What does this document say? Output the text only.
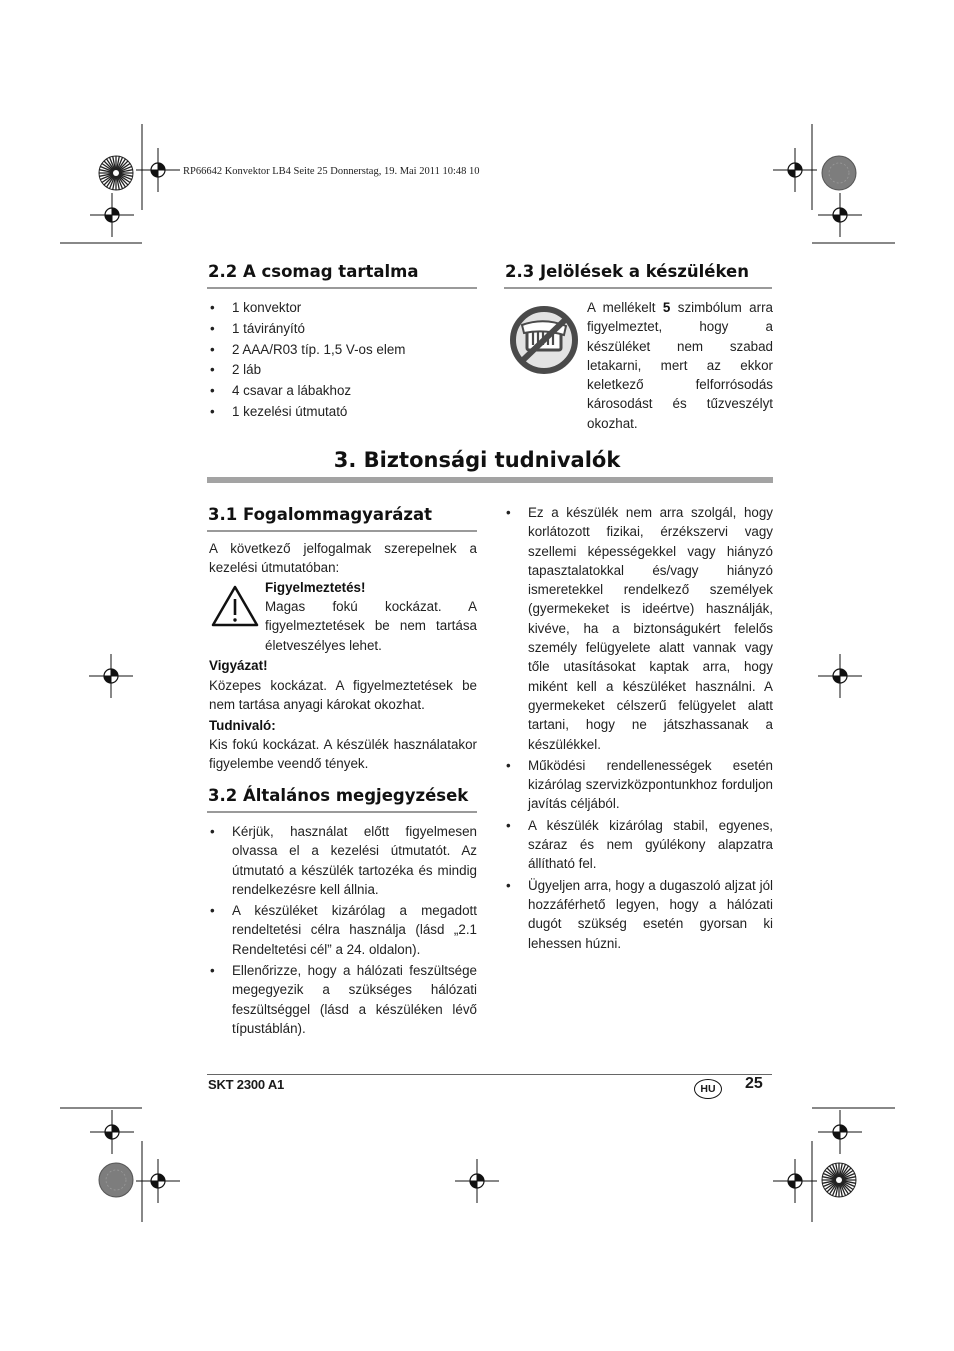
RP66642 Konvektor LB4 Seite 25 Donnerstag, 19. Mai 2011 10:48 10
2.2 A csomag tartalma
• 1 konvektor
• 1 távirányító
• 2 AAA/R03 típ. 1,5 V-os elem
• 2 láb
• 4 csavar a lábakhoz
• 1 kezelési útmutató
2.3 Jelölések a készüléken
A mellékelt 5 szimbólum arra figyelmeztet, hogy a készüléket nem szabad letakarni, mert az ekkor keletkező felforrósodás károsodást és tűzveszélyt okozhat.
3. Biztonsági tudnivalók
3.1 Fogalommagyarázat
A következő jelfogalmak szerepelnek a kezelési útmutatóban:
Figyelmeztetés!
Magas fokú kockázat. A figyelmeztetések be nem tartása életveszélyes lehet.
Vigyázat!
Közepes kockázat. A figyelmeztetések be nem tartása anyagi károkat okozhat.
Tudnivaló:
Kis fokú kockázat. A készülék használatakor figyelembe veendő tények.
3.2 Általános megjegyzések
• Kérjük, használat előtt figyelmesen olvassa el a kezelési útmutatót. Az útmutató a készülék tartozéka és mindig rendelkezésre kell állnia.
• A készüléket kizárólag a megadott rendeltetési célra használja (lásd „2.1 Rendeltetési cél” a 24. oldalon).
• Ellenőrizze, hogy a hálózati feszültsége megegyezik a szükséges hálózati feszültséggel (lásd a készüléken lévő típustáblán).
• Ez a készülék nem arra szolgál, hogy korlátozott fizikai, érzékszervi vagy szellemi képességekkel vagy hiányzó tapasztalatokkal és/vagy hiányzó ismeretekkel rendelkező személyek (gyermekeket is ideértve) használják, kivéve, ha a biztonságukért felelős személy felügyelete alatt vannak vagy tőle utasításokat kaptak arra, hogy miként kell a készüléket használni. A gyermekeket célszerű felügyelet alatt tartani, hogy ne játszhassanak a készülékkel.
• Működési rendellenességek esetén kizárólag szervizközpontunkhoz forduljon javítás céljából.
• A készülék kizárólag stabil, egyenes, száraz és nem gyúlékony alapzatra állítható fel.
• Ügyeljen arra, hogy a dugaszoló aljzat jól hozzáférhető legyen, hogy a hálózati dugót szükség esetén gyorsan ki lehessen húzni.
SKT 2300 A1	HU	25
